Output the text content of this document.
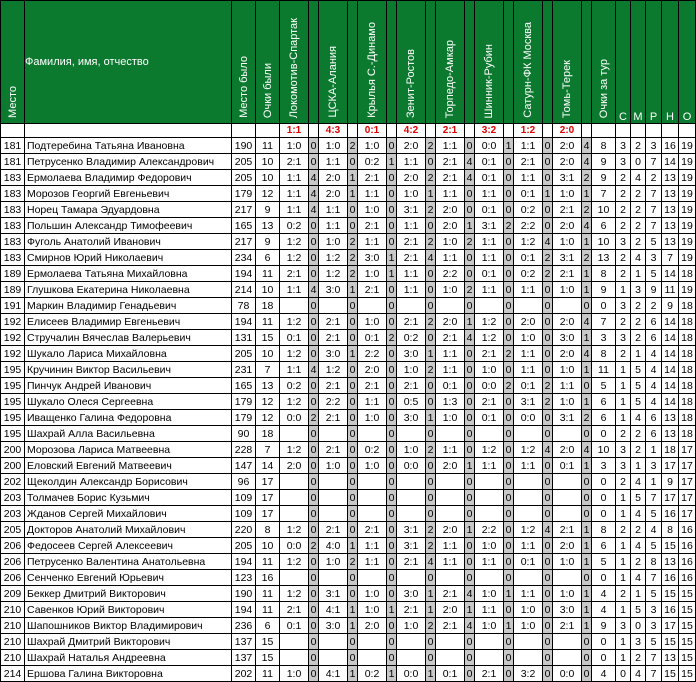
Место	Фамилия, имя, отчество	Место было	Очки были	Локомотив-Спартак		ЦСКА-Алания		Крылья С.-Динамо		Зенит-Ростов		Торпедо-Амкар		Шинник-Рубин		Сатурн-ФК Москва		Томь-Терек		Очки за тур	С	М	Р	Н	О
				1:1		4:3		0:1		4:2		2:1		3:2		1:2		2:0							
181	Подтеребина Татьяна Ивановна	190	11	1:0	0	1:0	2	1:0	0	2:0	2	1:1	0	0:0	1	1:1	0	2:0	4	8	3	2	3	16	19
181	Петрусенко Владимир Александрович	205	10	2:1	0	1:1	0	0:2	1	1:1	0	2:1	4	0:1	0	2:1	0	2:0	4	9	3	0	7	14	19
183	Ермолаева Владимир Федорович	205	10	1:1	4	2:0	1	2:1	0	2:0	2	2:1	4	0:1	0	1:1	0	3:1	2	9	2	4	2	13	19
183	Морозов Георгий Евгеньевич	179	12	1:1	4	2:0	1	1:1	0	1:0	1	1:1	0	1:1	0	0:1	1	1:0	1	7	2	2	7	13	19
183	Норец Тамара Эдуардовна	217	9	1:1	4	1:1	0	1:0	0	3:1	2	2:0	0	0:1	0	0:2	0	2:1	2	10	2	2	7	13	19
183	Польшин Александр Тимофеевич	165	13	0:2	0	1:1	0	2:1	0	1:1	0	2:0	1	3:1	2	2:2	0	2:0	4	6	2	2	7	13	19
183	Фуголь Анатолий Иванович	217	9	1:2	0	1:0	2	1:1	0	2:1	2	1:0	2	1:1	0	1:2	4	1:0	1	10	3	2	5	13	19
183	Смирнов Юрий Николаевич	234	6	1:2	0	1:2	2	3:0	1	2:1	4	1:1	0	1:1	0	0:1	2	3:1	2	13	2	4	3	7	19
189	Ермолаева Татьяна Михайловна	194	11	2:1	0	1:2	2	1:0	1	1:1	0	2:2	0	0:1	0	0:2	2	2:1	1	8	2	1	5	14	18
189	Глушкова Екатерина Николаевна	214	10	1:1	4	3:0	1	2:1	0	1:1	0	1:0	2	1:1	0	1:1	0	1:0	1	9	1	3	9	11	19
191	Маркин Владимир Генадьевич	78	18		0		0		0		0		0		0		0		0	0	3	2	2	9	18
192	Елисеев Владимир Евгеньевич	194	11	1:2	0	2:1	0	1:0	0	2:1	2	2:0	1	1:2	0	2:0	0	2:0	4	7	2	2	6	14	18
192	Стручалин Вячеслав Валерьевич	131	15	0:1	0	2:1	0	0:1	2	0:2	0	2:1	4	1:2	0	1:0	0	3:0	1	3	3	2	6	14	18
192	Шукало Лариса Михайловна	205	10	1:2	0	3:0	1	2:2	0	3:0	1	1:1	0	2:1	2	1:1	0	2:0	4	8	2	1	4	14	18
195	Кручинин Виктор Васильевич	231	7	1:1	4	1:2	0	2:0	0	1:0	2	1:1	0	1:0	0	1:1	0	1:0	1	11	1	5	4	14	18
195	Пинчук Андрей Иванович	165	13	0:2	0	2:1	0	2:1	0	2:1	0	0:1	0	0:0	2	0:1	2	1:1	0	5	1	5	4	14	18
195	Шукало Олеся Сергеевна	179	12	1:2	0	2:2	0	1:1	0	0:5	0	1:3	0	2:1	0	3:1	2	1:0	1	6	1	5	4	14	18
195	Иващенко Галина Федоровна	179	12	0:0	2	2:1	0	1:0	0	3:0	1	1:0	0	0:1	0	0:0	0	3:1	2	6	1	4	6	13	18
195	Шахрай Алла Васильевна	90	18		0		0		0		0		0		0		0		0	0	2	2	6	13	18
200	Морозова Лариса Матвеевна	228	7	1:2	0	2:1	0	0:2	0	1:0	2	1:1	0	1:2	0	1:2	4	2:0	4	10	3	2	1	18	17
200	Еловский Евгений Матвеевич	147	14	2:0	0	1:0	0	1:0	0	0:0	0	2:0	1	1:1	0	1:1	0	0:1	1	3	3	1	3	17	17
202	Щеколдин Александр Борисович	96	17		0		0		0		0		0		0		0		0	0	2	4	1	9	17
203	Толмачев Борис Кузьмич	109	17		0		0		0		0		0		0		0		0	0	1	5	7	17	17
203	Жданов Сергей Михайлович	109	17		0		0		0		0		0		0		0		0	0	1	4	5	16	17
205	Докторов Анатолий Михайлович	220	8	1:2	0	2:1	0	2:1	0	3:1	2	2:0	1	2:2	0	1:2	4	2:1	1	8	2	2	4	8	16
206	Федосеев Сергей Алексеевич	205	10	0:0	2	4:0	1	1:1	0	3:1	2	1:1	0	1:0	0	1:1	0	2:0	1	6	1	4	5	15	16
206	Петрусенко Валентина Анатольевна	194	11	1:2	0	1:0	2	1:1	0	2:1	4	1:1	0	1:1	0	0:1	0	1:0	1	5	1	2	8	13	16
206	Сенченко Евгений Юрьевич	123	16		0		0		0		0		0		0		0		0	0	1	4	7	16	16
209	Беккер Дмитрий Викторович	190	11	1:2	0	3:1	0	1:0	0	3:0	1	2:1	4	1:0	1	1:1	0	1:0	1	4	2	1	5	15	15
210	Савенков Юрий Викторович	194	11	2:1	0	4:1	1	1:0	1	2:1	1	2:0	1	1:1	0	1:0	0	3:0	1	4	1	5	3	16	15
210	Шапошников Виктор Владимирович	236	6	0:1	0	3:0	1	2:0	0	1:0	2	2:1	4	1:0	1	1:0	0	2:1	1	9	3	0	3	17	15
210	Шахрай Дмитрий Викторович	137	15		0		0		0		0		0		0		0		0	0	1	3	5	15	15
210	Шахрай Наталья Андреевна	137	15		0		0		0		0		0		0		0		0	0	1	2	7	13	15
214	Ершова Галина Викторовна	202	11	1:0	0	4:1	1	0:2	1	0:0	1	0:1	0	2:1	0	3:2	0	0:0	0	4	0	4	7	15	15
